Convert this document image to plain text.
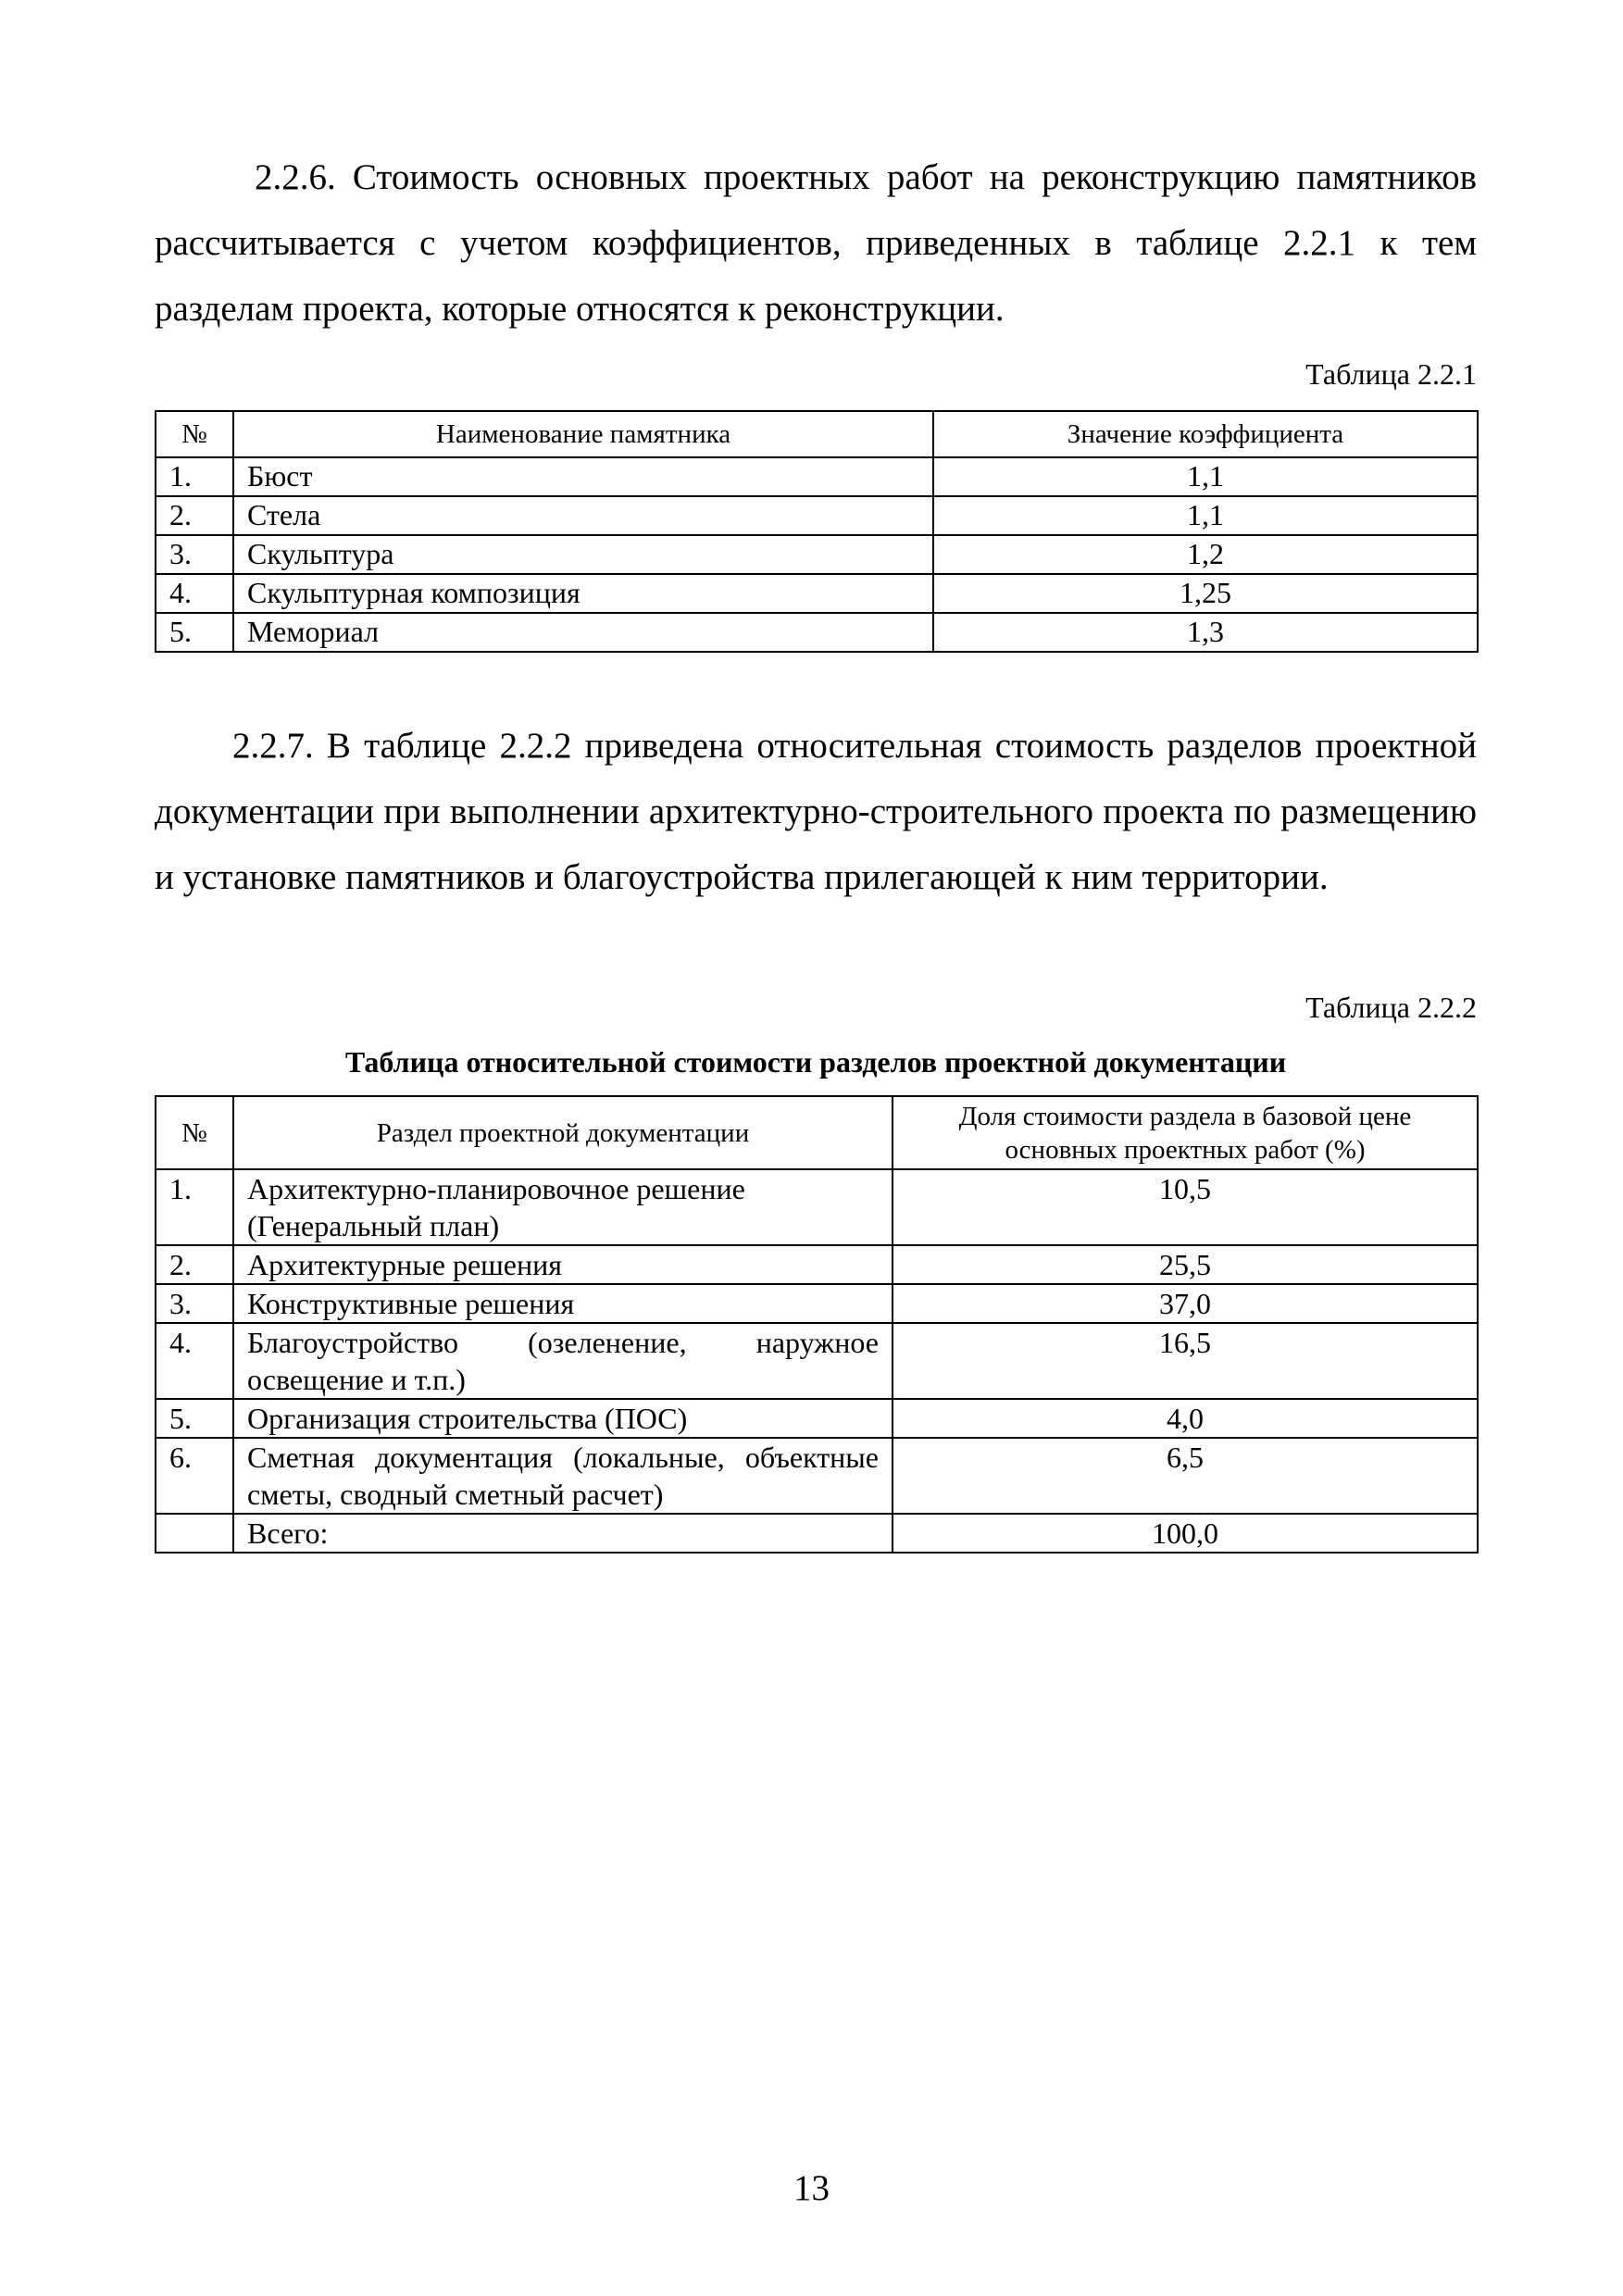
2.2.6. Стоимость основных проектных работ на реконструкцию памятников рассчитывается с учетом коэффициентов, приведенных в таблице 2.2.1 к тем разделам проекта, которые относятся к реконструкции.

Таблица 2.2.1
№	Наименование памятника	Значение коэффициента
1.	Бюст	1,1
2.	Стела	1,1
3.	Скульптура	1,2
4.	Скульптурная композиция	1,25
5.	Мемориал	1,3

2.2.7. В таблице 2.2.2 приведена относительная стоимость разделов проектной документации при выполнении архитектурно-строительного проекта по размещению и установке памятников и благоустройства прилегающей к ним территории.

Таблица 2.2.2
Таблица относительной стоимости разделов проектной документации
№	Раздел проектной документации	Доля стоимости раздела в базовой цене основных проектных работ (%)
1.	Архитектурно-планировочное решение (Генеральный план)	10,5
2.	Архитектурные решения	25,5
3.	Конструктивные решения	37,0
4.	Благоустройство (озеленение, наружное освещение и т.п.)	16,5
5.	Организация строительства (ПОС)	4,0
6.	Сметная документация (локальные, объектные сметы, сводный сметный расчет)	6,5
	Всего:	100,0
13
